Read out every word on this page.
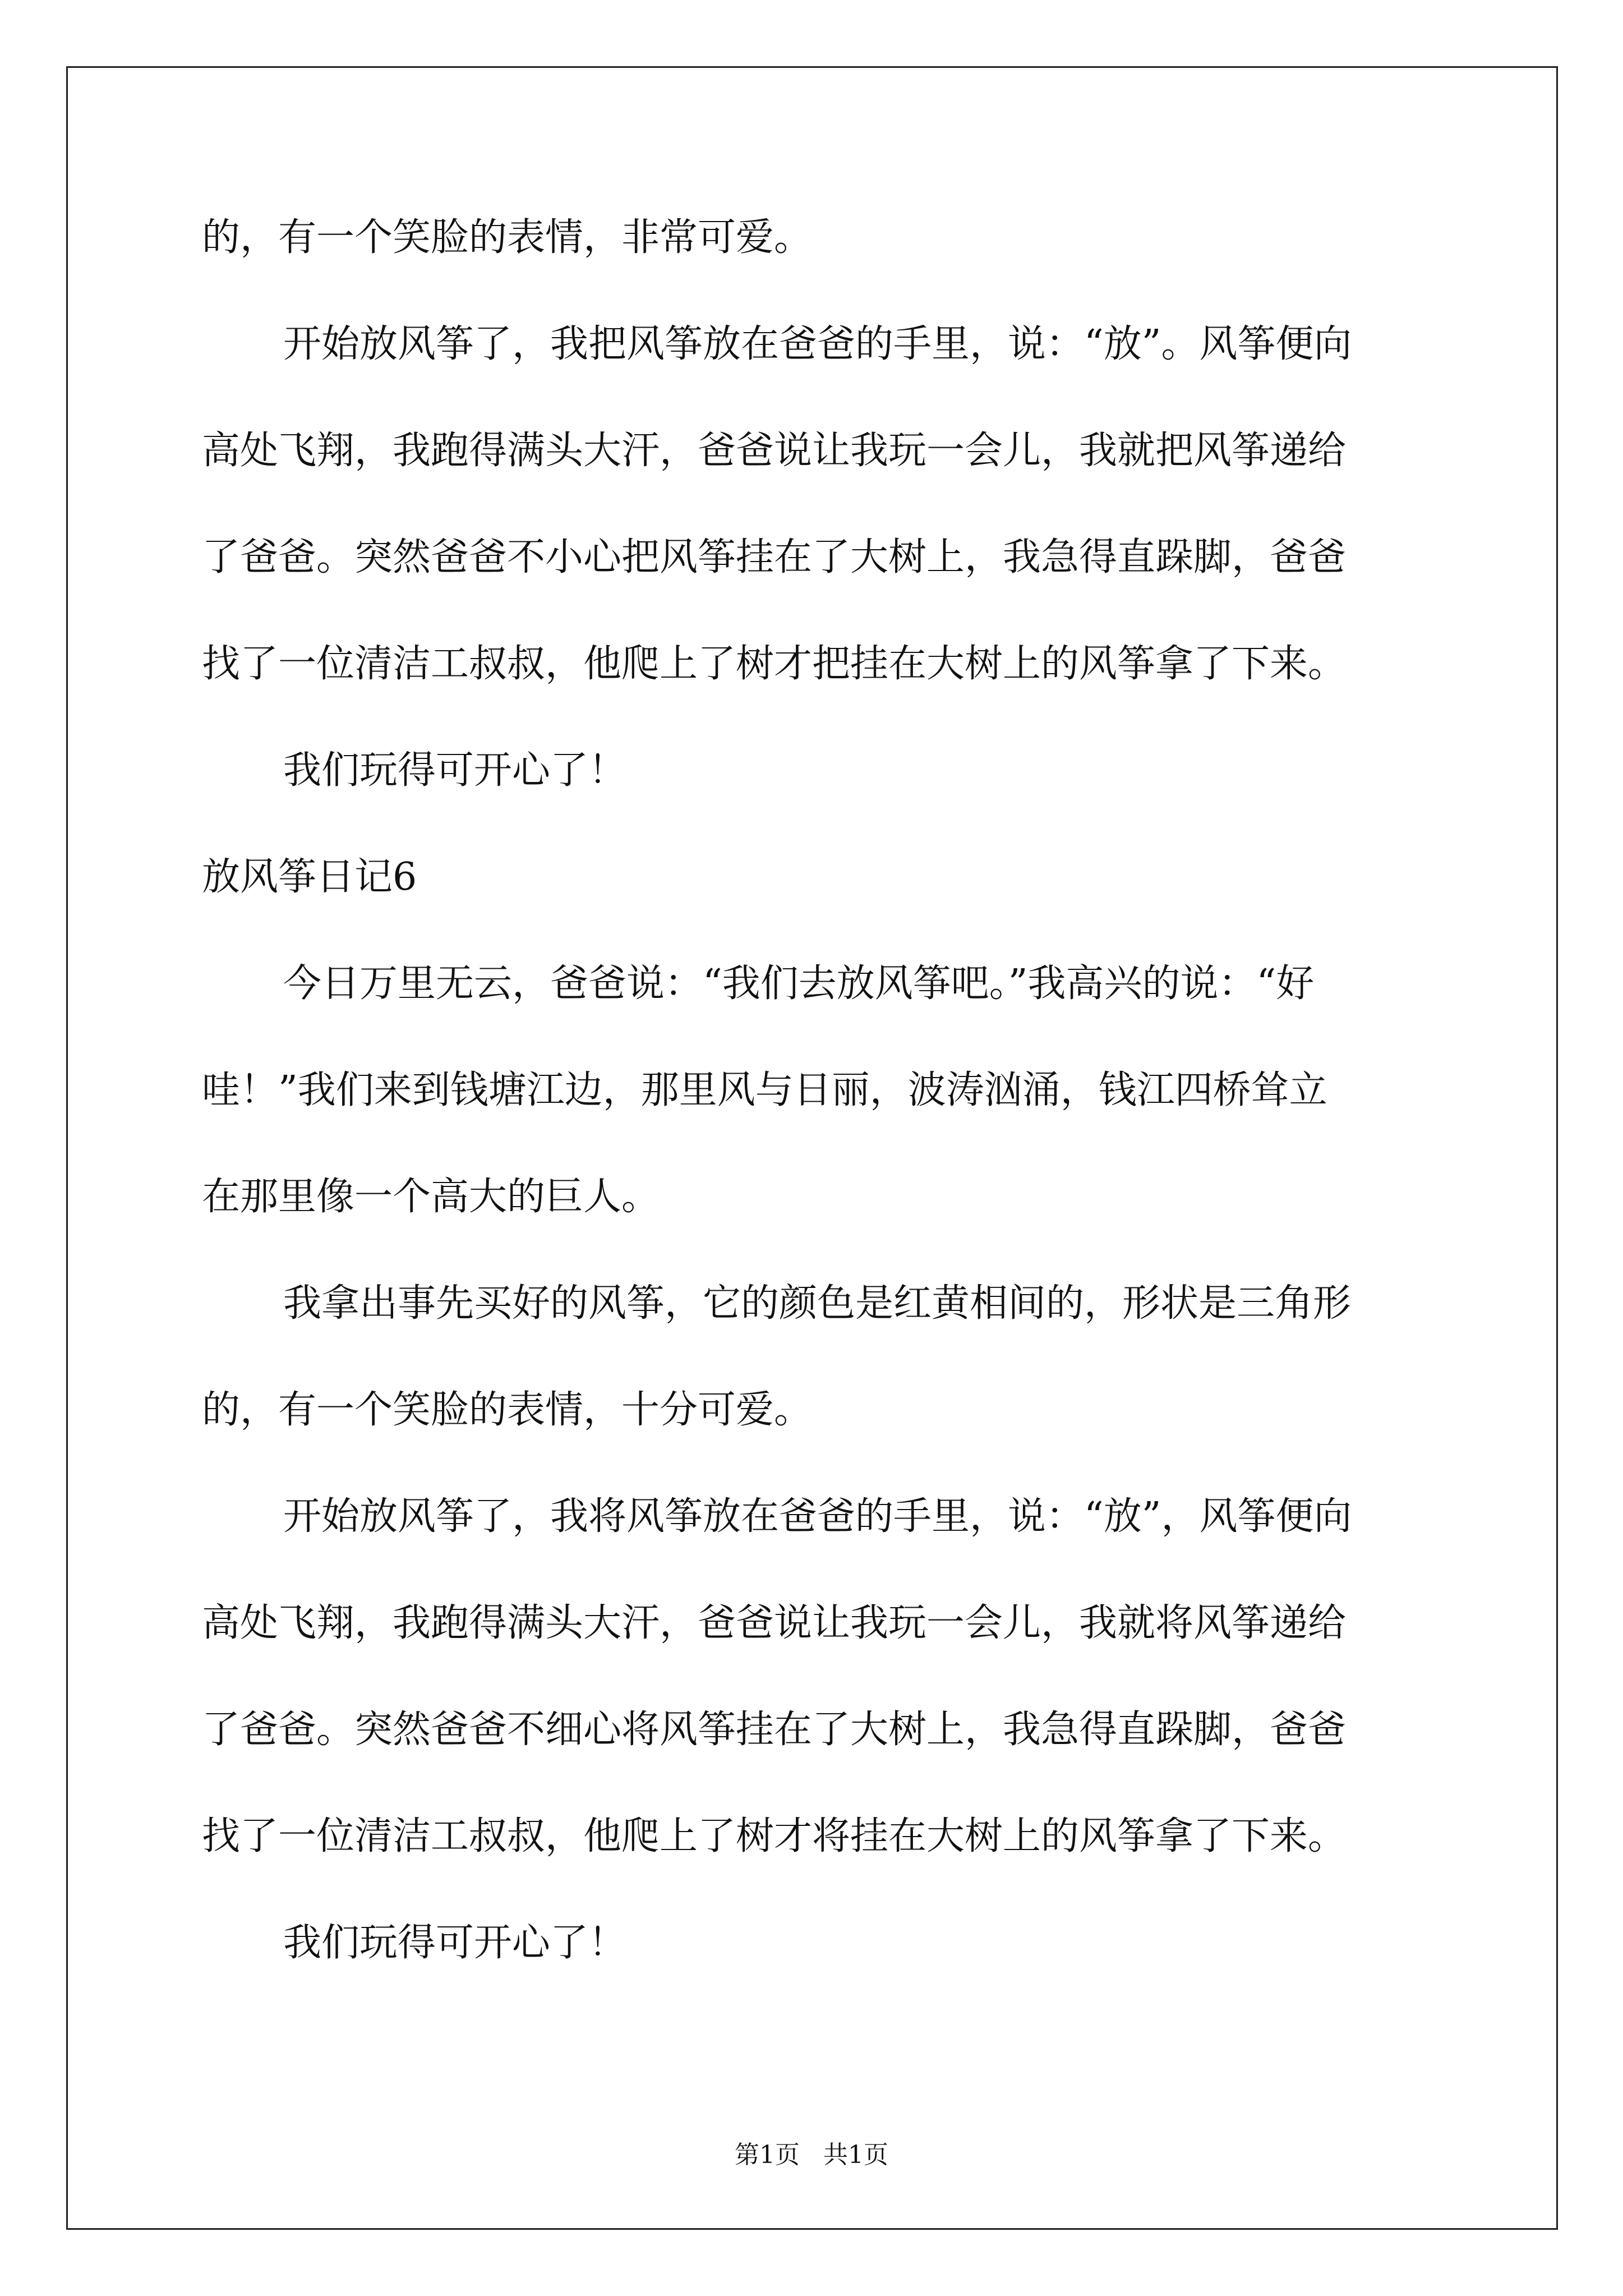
的，有一个笑脸的表情，非常可爱。
开始放风筝了，我把风筝放在爸爸的手里，说：“放”。风筝便向
高处飞翔，我跑得满头大汗，爸爸说让我玩一会儿，我就把风筝递给
了爸爸。突然爸爸不小心把风筝挂在了大树上，我急得直跺脚，爸爸
找了一位清洁工叔叔，他爬上了树才把挂在大树上的风筝拿了下来。
我们玩得可开心了！
放风筝日记6
今日万里无云，爸爸说：“我们去放风筝吧。”我高兴的说：“好
哇！”我们来到钱塘江边，那里风与日丽，波涛汹涌，钱江四桥耸立
在那里像一个高大的巨人。
我拿出事先买好的风筝，它的颜色是红黄相间的，形状是三角形
的，有一个笑脸的表情，十分可爱。
开始放风筝了，我将风筝放在爸爸的手里，说：“放”，风筝便向
高处飞翔，我跑得满头大汗，爸爸说让我玩一会儿，我就将风筝递给
了爸爸。突然爸爸不细心将风筝挂在了大树上，我急得直跺脚，爸爸
找了一位清洁工叔叔，他爬上了树才将挂在大树上的风筝拿了下来。
我们玩得可开心了！
第1页   共1页
